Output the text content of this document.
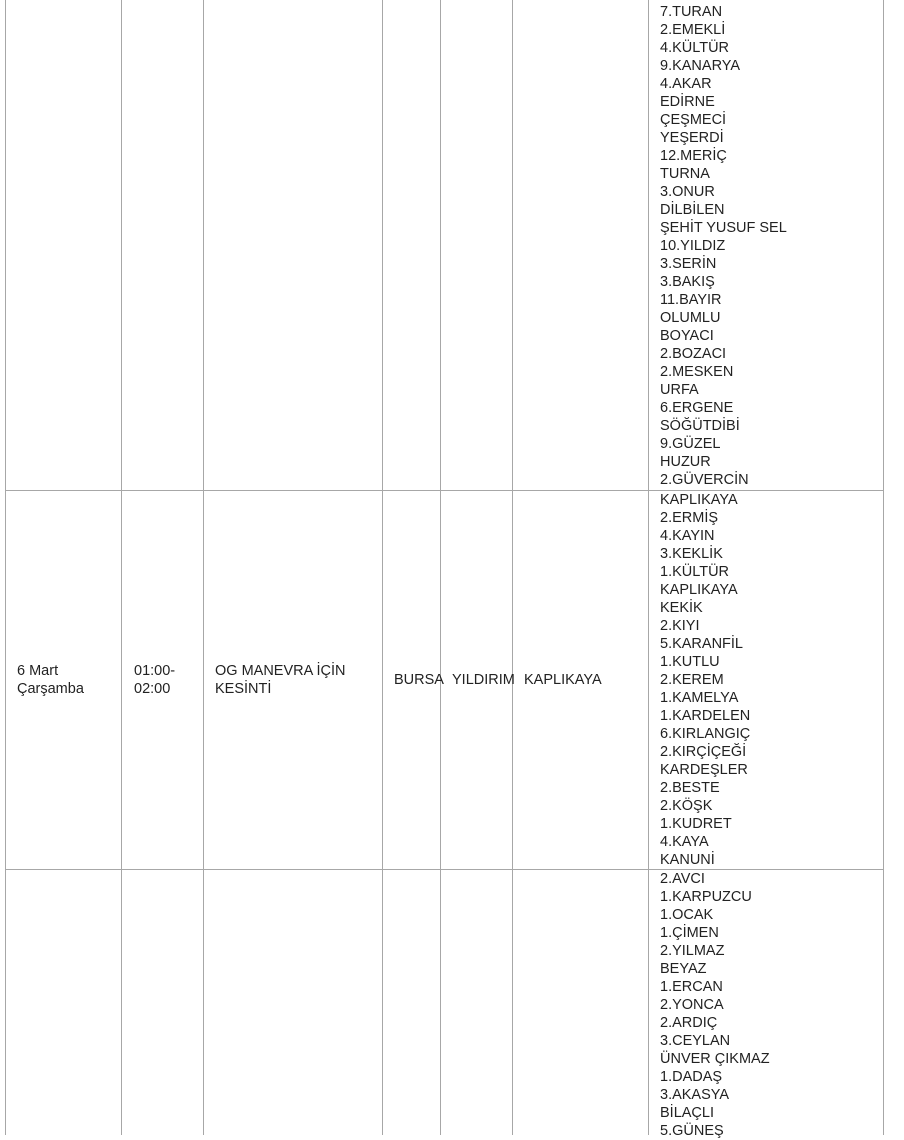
7.TURAN
2.EMEKLİ
4.KÜLTÜR
9.KANARYA
4.AKAR
EDİRNE
ÇEŞMECİ
YEŞERDİ
12.MERİÇ
TURNA
3.ONUR
DİLBİLEN
ŞEHİT YUSUF SEL
10.YILDIZ
3.SERİN
3.BAKIŞ
11.BAYIR
OLUMLU
BOYACI
2.BOZACI
2.MESKEN
URFA
6.ERGENE
SÖĞÜTDİBİ
9.GÜZEL
HUZUR
2.GÜVERCİN
6 Mart
Çarşamba
01:00-
02:00
OG MANEVRA İÇİN
KESİNTİ
BURSA YILDIRIM KAPLIKAYA
KAPLIKAYA
2.ERMİŞ
4.KAYIN
3.KEKLİK
1.KÜLTÜR
KAPLIKAYA
KEKİK
2.KIYI
5.KARANFİL
1.KUTLU
2.KEREM
1.KAMELYA
1.KARDELEN
6.KIRLANGIÇ
2.KIRÇİÇEĞİ
KARDEŞLER
2.BESTE
2.KÖŞK
1.KUDRET
4.KAYA
KANUNİ
2.AVCI
1.KARPUZCU
1.OCAK
1.ÇİMEN
2.YILMAZ
BEYAZ
1.ERCAN
2.YONCA
2.ARDIÇ
3.CEYLAN
ÜNVER ÇIKMAZ
1.DADAŞ
3.AKASYA
BİLAÇLI
5.GÜNEŞ
